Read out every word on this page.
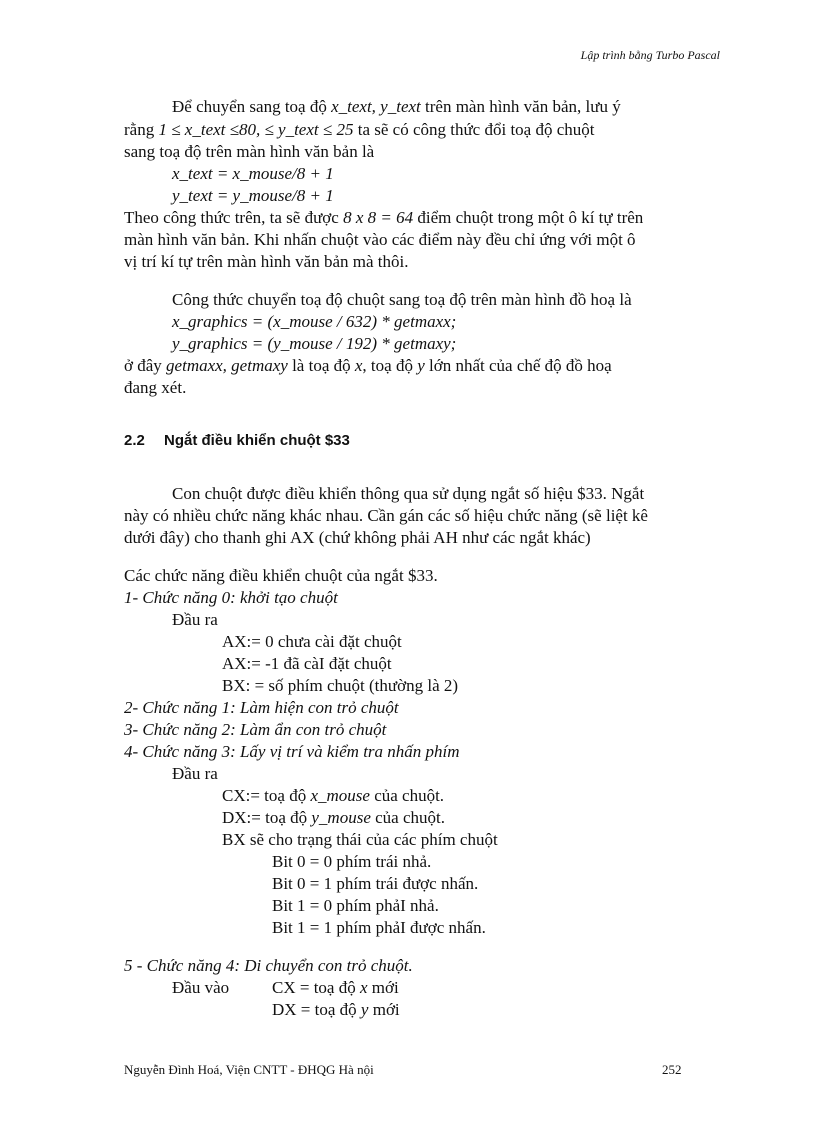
Lập trình bằng Turbo Pascal
Để chuyển sang toạ độ x_text, y_text trên màn hình văn bản, lưu ý
rằng 1 ≤ x_text ≤80, ≤ y_text ≤ 25 ta sẽ có công thức đổi toạ độ chuột
sang toạ độ trên màn hình văn bản là
x_text = x_mouse/8 + 1
y_text = y_mouse/8 + 1
Theo công thức trên, ta sẽ được 8 x 8 = 64 điểm chuột trong một ô kí tự trên
màn hình văn bản. Khi nhấn chuột vào các điểm này đều chỉ ứng với một ô
vị trí kí tự trên màn hình văn bản mà thôi.
Công thức chuyển toạ độ chuột sang toạ độ trên màn hình đồ hoạ là
x_graphics = (x_mouse / 632) * getmaxx;
y_graphics = (y_mouse / 192) * getmaxy;
ở đây getmaxx, getmaxy là toạ độ x, toạ độ y lớn nhất của chế độ đồ hoạ
đang xét.
2.2 Ngắt điều khiển chuột $33
Con chuột được điều khiển thông qua sử dụng ngắt số hiệu $33. Ngắt
này có nhiều chức năng khác nhau. Cần gán các số hiệu chức năng (sẽ liệt kê
dưới đây) cho thanh ghi AX (chứ không phải AH như các ngắt khác)
Các chức năng điều khiển chuột của ngắt $33.
1- Chức năng 0: khởi tạo chuột
Đầu ra
AX:= 0 chưa cài đặt chuột
AX:= -1 đã càI đặt chuột
BX: = số phím chuột (thường là 2)
2- Chức năng 1: Làm hiện con trỏ chuột
3- Chức năng 2: Làm ẩn con trỏ chuột
4- Chức năng 3: Lấy vị trí và kiểm tra nhấn phím
Đầu ra
CX:= toạ độ x_mouse của chuột.
DX:= toạ độ y_mouse của chuột.
BX sẽ cho trạng thái của các phím chuột
Bit 0 = 0 phím trái nhả.
Bit 0 = 1 phím trái được nhấn.
Bit 1 = 0 phím phảI nhả.
Bit 1 = 1 phím phảI được nhấn.
5 - Chức năng 4: Di chuyển con trỏ chuột.
Đầu vào	CX = toạ độ x mới
DX = toạ độ y mới
Nguyễn Đình Hoá, Viện CNTT - ĐHQG Hà nội	252
